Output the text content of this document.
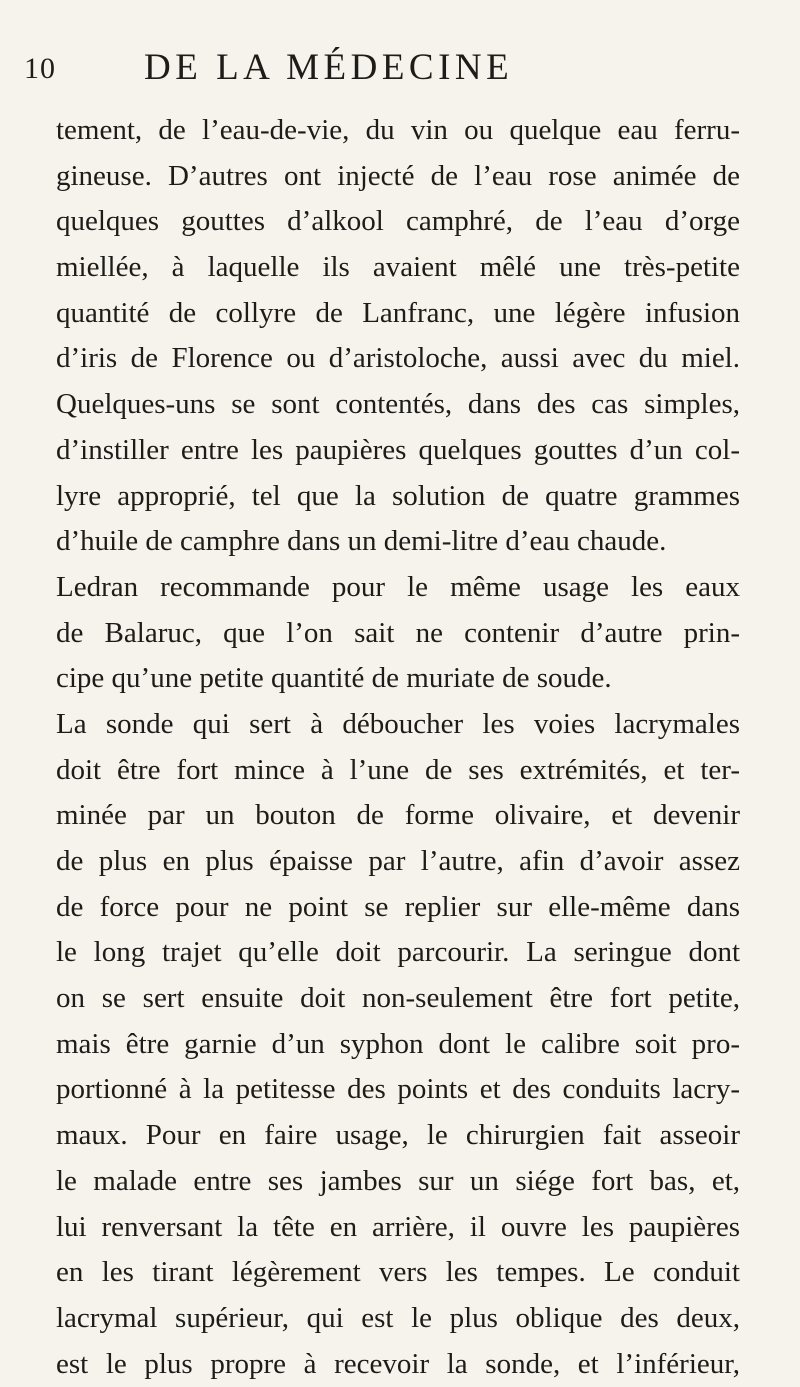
10 DE LA MÉDECINE
tement, de l’eau-de-vie, du vin ou quelque eau ferru-
gineuse. D’autres ont injecté de l’eau rose animée de
quelques gouttes d’alkool camphré, de l’eau d’orge
miellée, à laquelle ils avaient mêlé une très-petite
quantité de collyre de Lanfranc, une légère infusion
d’iris de Florence ou d’aristoloche, aussi avec du miel.
Quelques-uns se sont contentés, dans des cas simples,
d’instiller entre les paupières quelques gouttes d’un col-
lyre approprié, tel que la solution de quatre grammes
d’huile de camphre dans un demi-litre d’eau chaude.
Ledran recommande pour le même usage les eaux
de Balaruc, que l’on sait ne contenir d’autre prin-
cipe qu’une petite quantité de muriate de soude.
La sonde qui sert à déboucher les voies lacrymales
doit être fort mince à l’une de ses extrémités, et ter-
minée par un bouton de forme olivaire, et devenir
de plus en plus épaisse par l’autre, afin d’avoir assez
de force pour ne point se replier sur elle-même dans
le long trajet qu’elle doit parcourir. La seringue dont
on se sert ensuite doit non-seulement être fort petite,
mais être garnie d’un syphon dont le calibre soit pro-
portionné à la petitesse des points et des conduits lacry-
maux. Pour en faire usage, le chirurgien fait asseoir
le malade entre ses jambes sur un siége fort bas, et,
lui renversant la tête en arrière, il ouvre les paupières
en les tirant légèrement vers les tempes. Le conduit
lacrymal supérieur, qui est le plus oblique des deux,
est le plus propre à recevoir la sonde, et l’inférieur,
